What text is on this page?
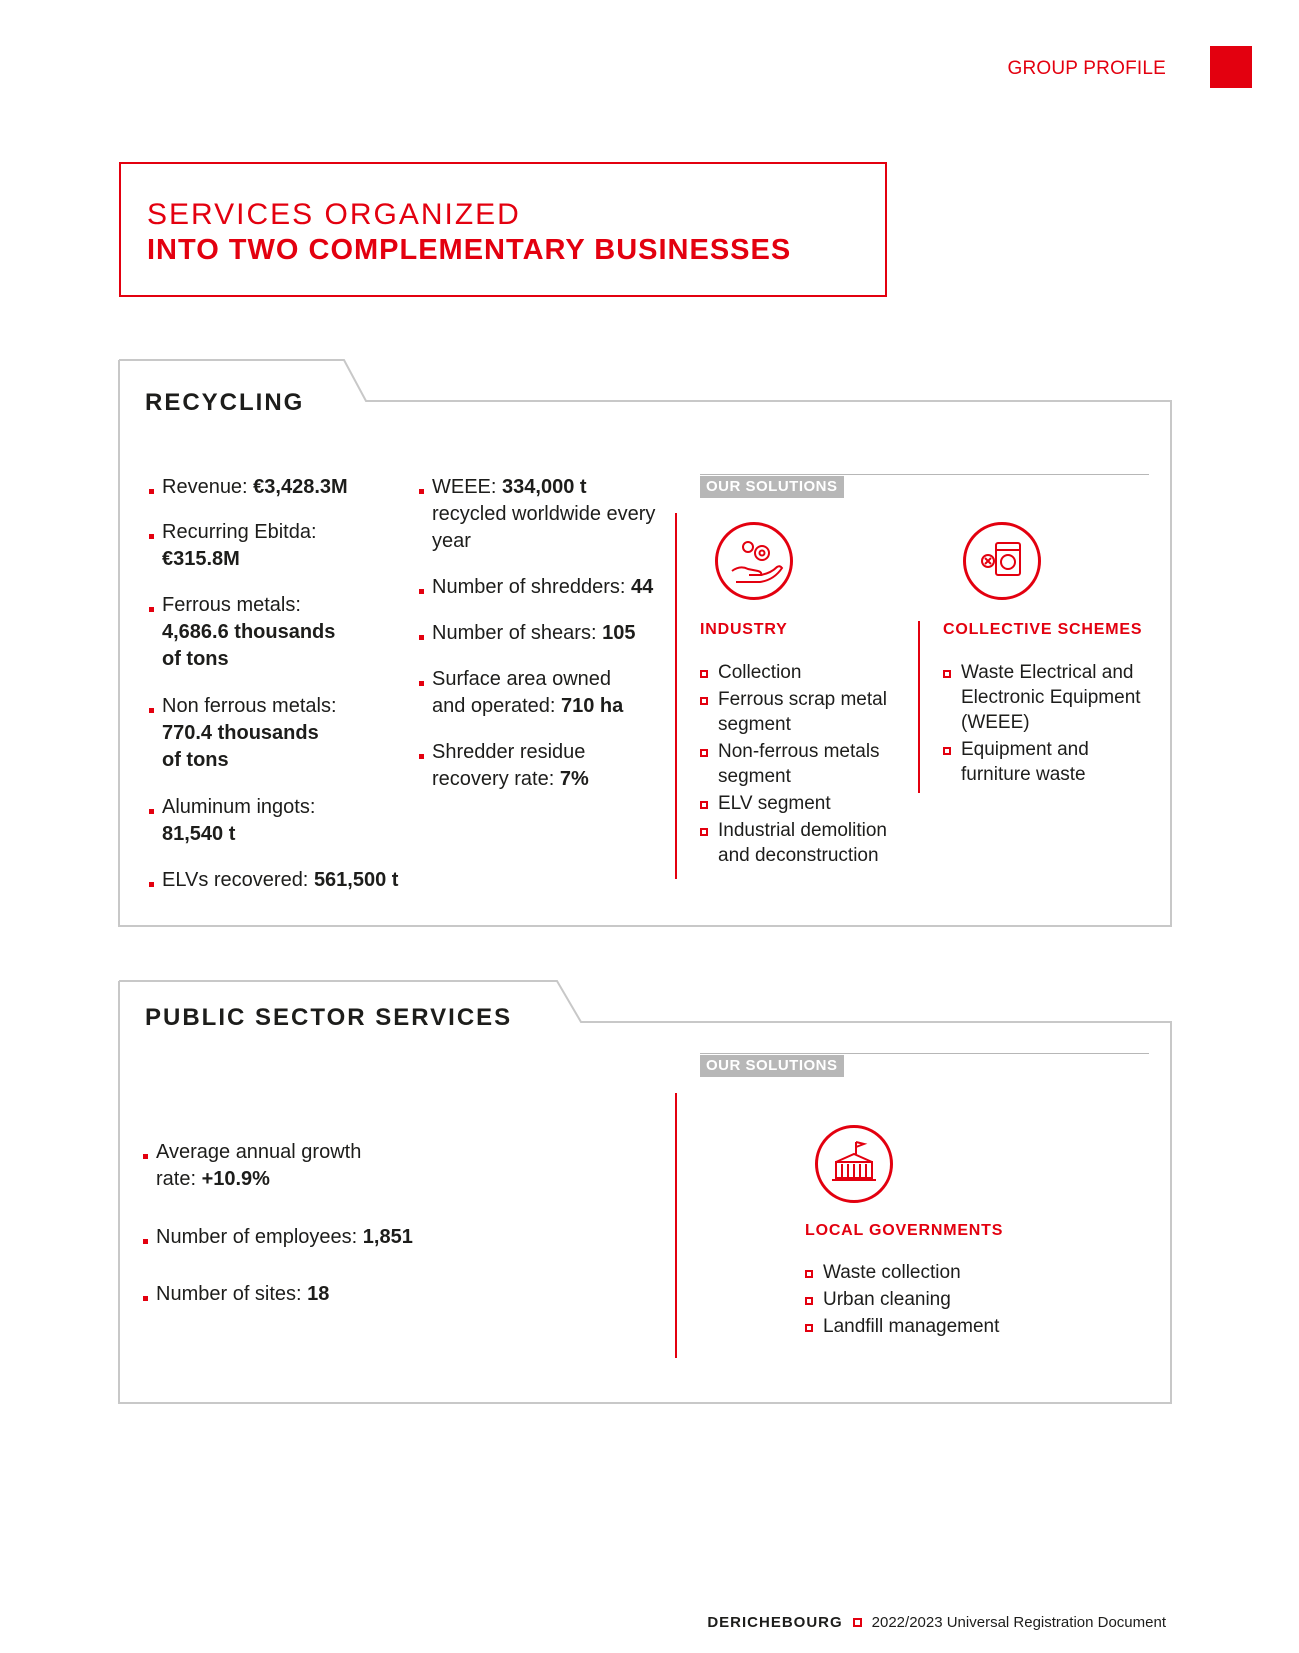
GROUP PROFILE
SERVICES ORGANIZED
INTO TWO COMPLEMENTARY BUSINESSES
RECYCLING
Revenue: €3,428.3M
Recurring Ebitda:
€315.8M
Ferrous metals:
4,686.6 thousands
of tons
Non ferrous metals:
770.4 thousands
of tons
Aluminum ingots:
81,540 t
ELVs recovered: 561,500 t
WEEE: 334,000 t
recycled worldwide every
year
Number of shredders: 44
Number of shears: 105
Surface area owned
and operated: 710 ha
Shredder residue
recovery rate: 7%
OUR SOLUTIONS
INDUSTRY
Collection
Ferrous scrap metal
segment
Non-ferrous metals
segment
ELV segment
Industrial demolition
and deconstruction
COLLECTIVE SCHEMES
Waste Electrical and
Electronic Equipment
(WEEE)
Equipment and
furniture waste
PUBLIC SECTOR SERVICES
Average annual growth
rate: +10.9%
Number of employees: 1,851
Number of sites: 18
OUR SOLUTIONS
LOCAL GOVERNMENTS
Waste collection
Urban cleaning
Landfill management
DERICHEBOURG 2022/2023 Universal Registration Document
